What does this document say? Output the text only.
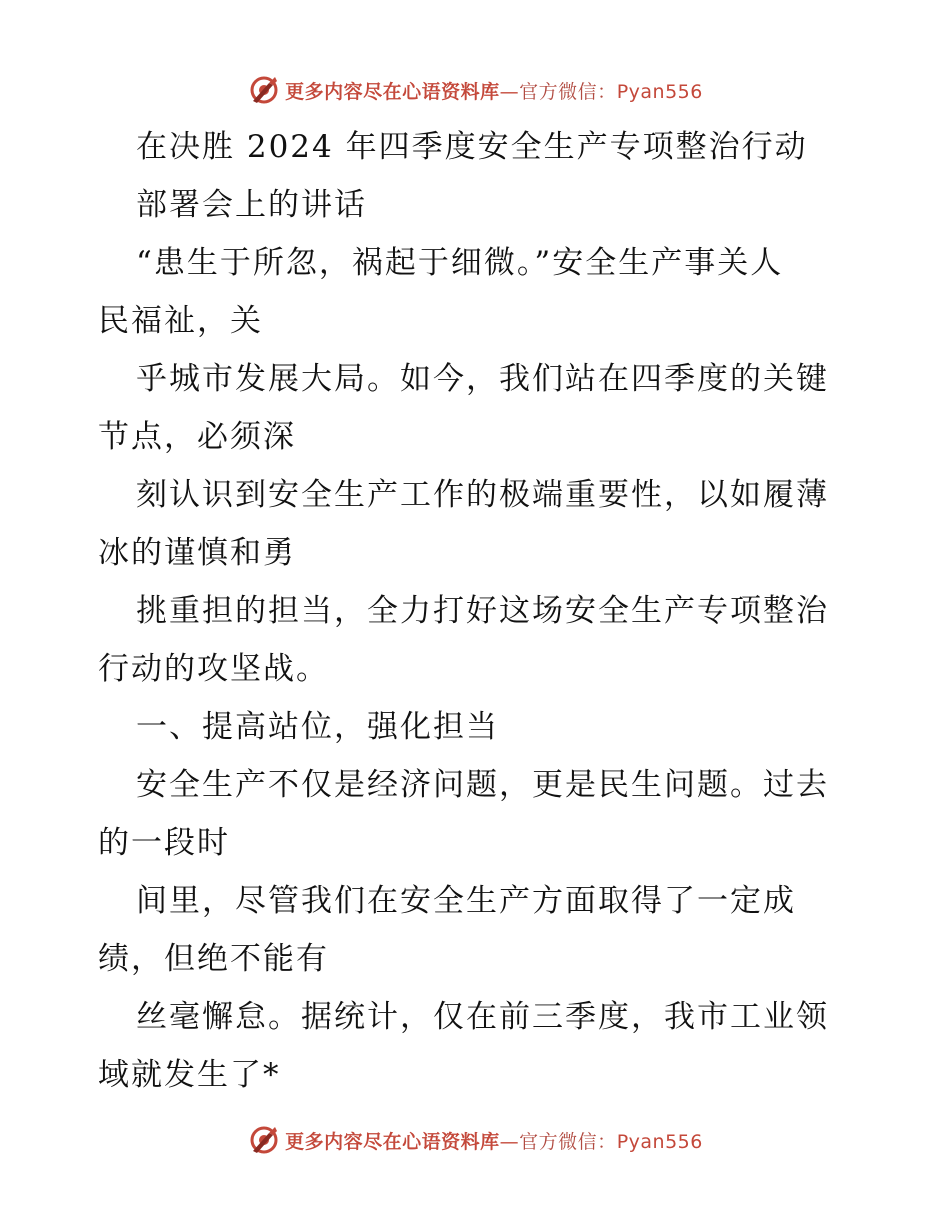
更多内容尽在心语资料库—官方微信：Pyan556
在决胜 2024 年四季度安全生产专项整治行动
部署会上的讲话
“患生于所忽，祸起于细微。”安全生产事关人
民福祉，关
乎城市发展大局。如今，我们站在四季度的关键
节点，必须深
刻认识到安全生产工作的极端重要性，以如履薄
冰的谨慎和勇
挑重担的担当，全力打好这场安全生产专项整治
行动的攻坚战。
一、提高站位，强化担当
安全生产不仅是经济问题，更是民生问题。过去
的一段时
间里，尽管我们在安全生产方面取得了一定成
绩，但绝不能有
丝毫懈怠。据统计，仅在前三季度，我市工业领
域就发生了*
更多内容尽在心语资料库—官方微信：Pyan556
